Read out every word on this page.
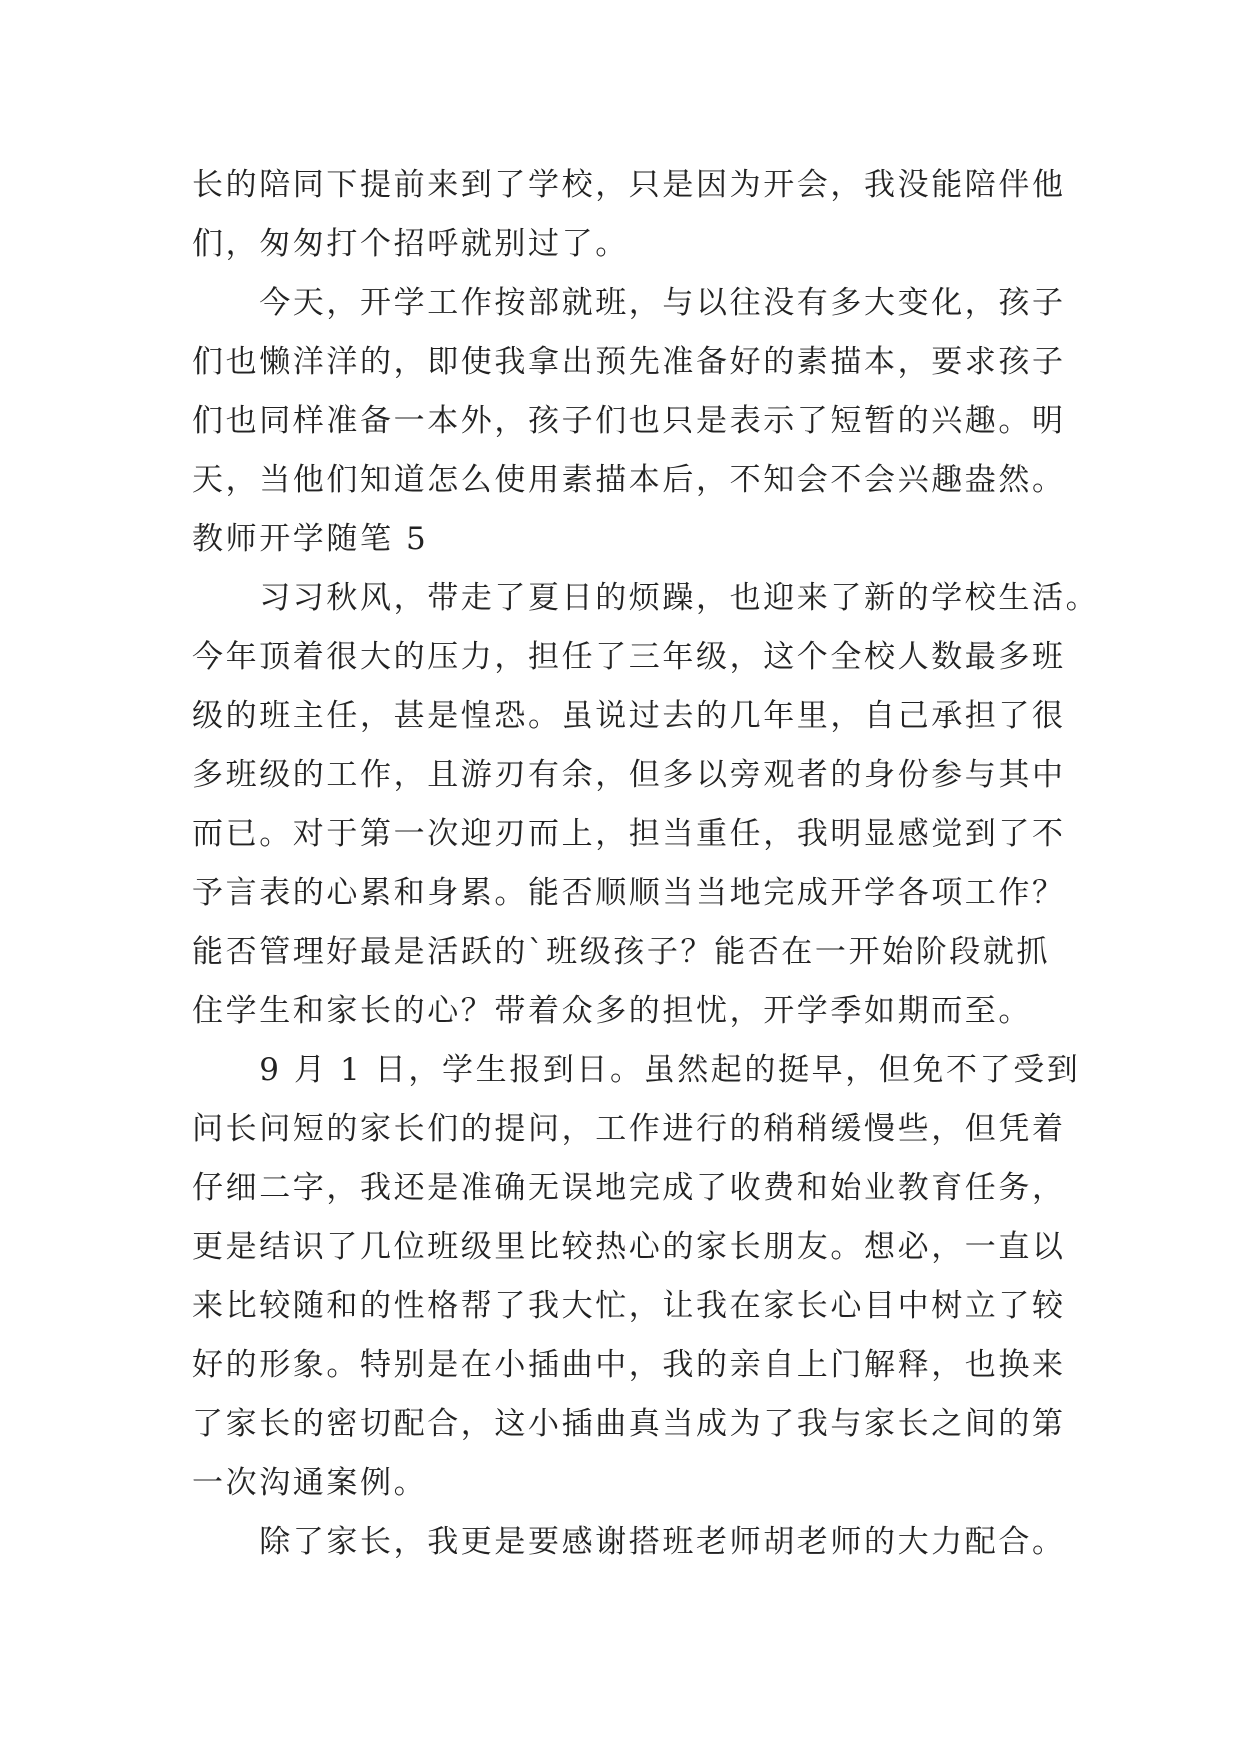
长的陪同下提前来到了学校，只是因为开会，我没能陪伴他
们，匆匆打个招呼就别过了。
　　今天，开学工作按部就班，与以往没有多大变化，孩子
们也懒洋洋的，即使我拿出预先准备好的素描本，要求孩子
们也同样准备一本外，孩子们也只是表示了短暂的兴趣。明
天，当他们知道怎么使用素描本后，不知会不会兴趣盎然。
教师开学随笔 5
　　习习秋风，带走了夏日的烦躁，也迎来了新的学校生活。
今年顶着很大的压力，担任了三年级，这个全校人数最多班
级的班主任，甚是惶恐。虽说过去的几年里，自己承担了很
多班级的工作，且游刃有余，但多以旁观者的身份参与其中
而已。对于第一次迎刃而上，担当重任，我明显感觉到了不
予言表的心累和身累。能否顺顺当当地完成开学各项工作？
能否管理好最是活跃的`班级孩子？能否在一开始阶段就抓
住学生和家长的心？带着众多的担忧，开学季如期而至。
　　9 月 1 日，学生报到日。虽然起的挺早，但免不了受到
问长问短的家长们的提问，工作进行的稍稍缓慢些，但凭着
仔细二字，我还是准确无误地完成了收费和始业教育任务，
更是结识了几位班级里比较热心的家长朋友。想必，一直以
来比较随和的性格帮了我大忙，让我在家长心目中树立了较
好的形象。特别是在小插曲中，我的亲自上门解释，也换来
了家长的密切配合，这小插曲真当成为了我与家长之间的第
一次沟通案例。
　　除了家长，我更是要感谢搭班老师胡老师的大力配合。
